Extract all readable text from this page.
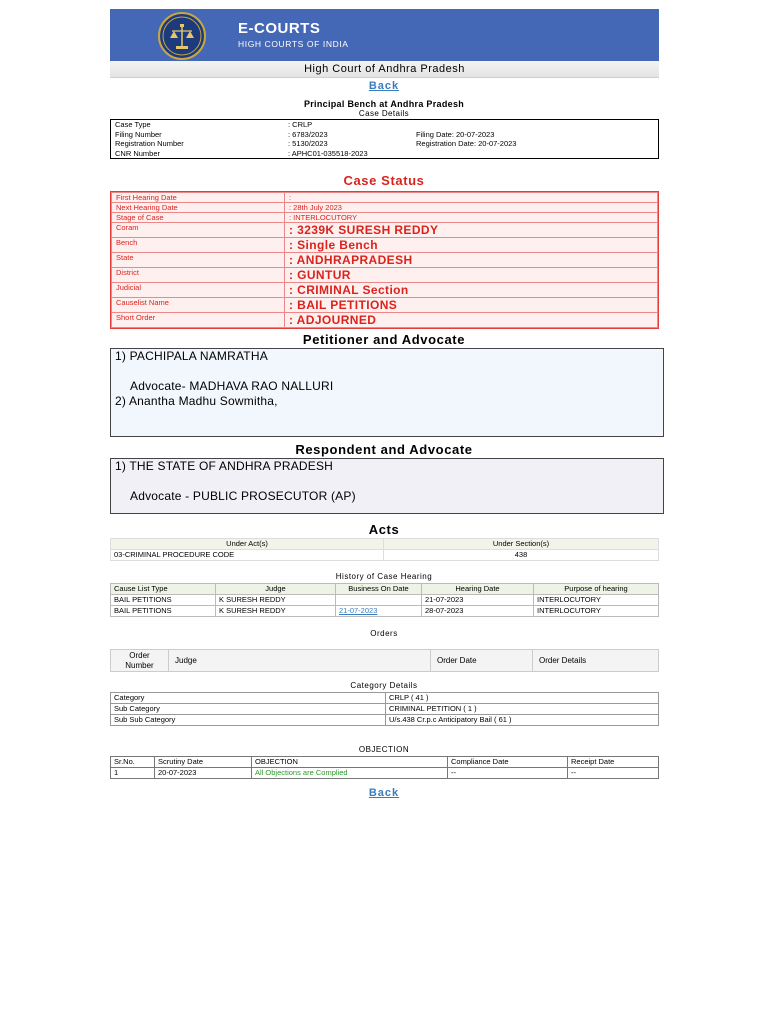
E-COURTS
HIGH COURTS OF INDIA
High Court of Andhra Pradesh
Back
Principal Bench at Andhra Pradesh
Case Details
Case Type	: CRLP	
Filing Number	: 6783/2023	Filing Date: 20-07-2023
Registration Number	: 5130/2023	Registration Date: 20-07-2023
CNR Number	: APHC01-035518-2023	
Case Status
First Hearing Date	:
Next Hearing Date	: 28th July 2023
Stage of Case	: INTERLOCUTORY
Coram	: 3239K SURESH REDDY
Bench	: Single Bench
State	: ANDHRAPRADESH
District	: GUNTUR
Judicial	: CRIMINAL Section
Causelist Name	: BAIL PETITIONS
Short Order	: ADJOURNED
Petitioner and Advocate
1) PACHIPALA NAMRATHA
Advocate- MADHAVA RAO NALLURI
2) Anantha Madhu Sowmitha,
Respondent and Advocate
1) THE STATE OF ANDHRA PRADESH
Advocate - PUBLIC PROSECUTOR (AP)
Acts
Under Act(s)	Under Section(s)
03-CRIMINAL PROCEDURE CODE	438
History of Case Hearing
Cause List Type	Judge	Business On Date	Hearing Date	Purpose of hearing
BAIL PETITIONS	K SURESH REDDY		21-07-2023	INTERLOCUTORY
BAIL PETITIONS	K SURESH REDDY	21-07-2023	28-07-2023	INTERLOCUTORY
Orders
Order Number	Judge	Order Date	Order Details
Category Details
Category	CRLP ( 41 )
Sub Category	CRIMINAL PETITION ( 1 )
Sub Sub Category	U/s.438 Cr.p.c Anticipatory Bail ( 61 )
OBJECTION
Sr.No.	Scrutiny Date	OBJECTION	Compliance Date	Receipt Date
1	20-07-2023	All Objections are Complied	--	--
Back
